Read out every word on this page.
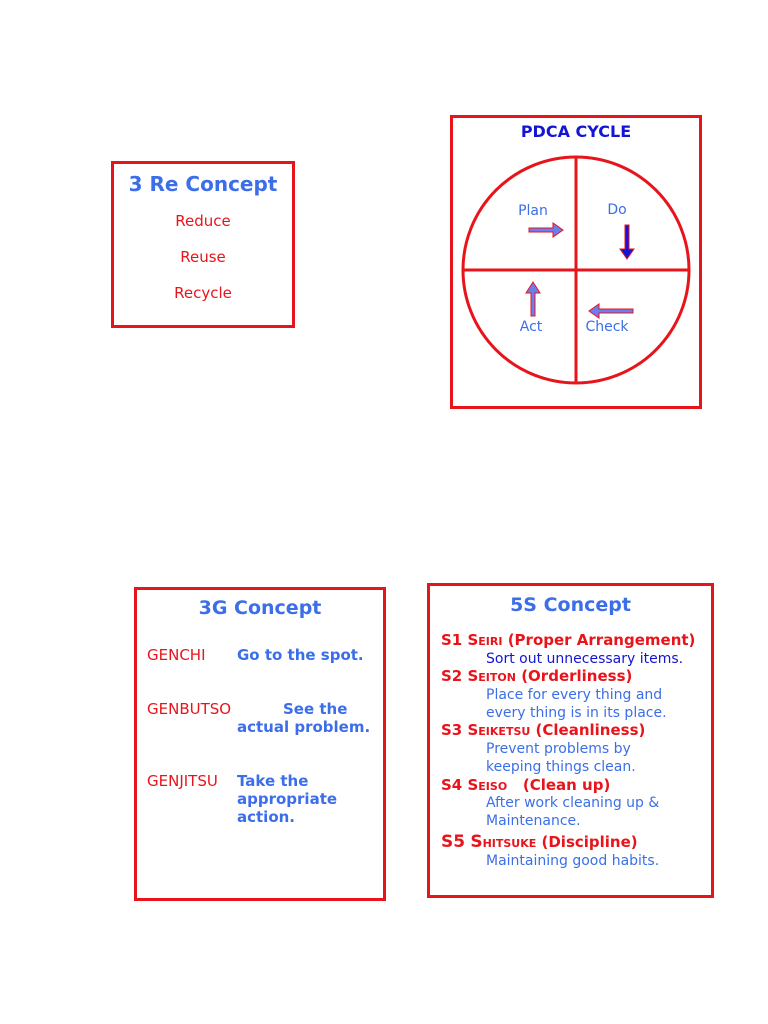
3 Re Concept
Reduce
Reuse
Recycle
PDCA CYCLE
Plan	Do
Act	Check
3G Concept
GENCHI Go to the spot.
GENBUTSO	See the actual problem.
GENJITSU Take the appropriate action.
5S Concept
S1 Seiri (Proper Arrangement)
Sort out unnecessary items.
S2 Seiton (Orderliness)
Place for every thing and
every thing is in its place.
S3 Seiketsu (Cleanliness)
Prevent problems by
keeping things clean.
S4 Seiso (Clean up)
After work cleaning up &
Maintenance.
S5 Shitsuke (Discipline)
Maintaining good habits.
